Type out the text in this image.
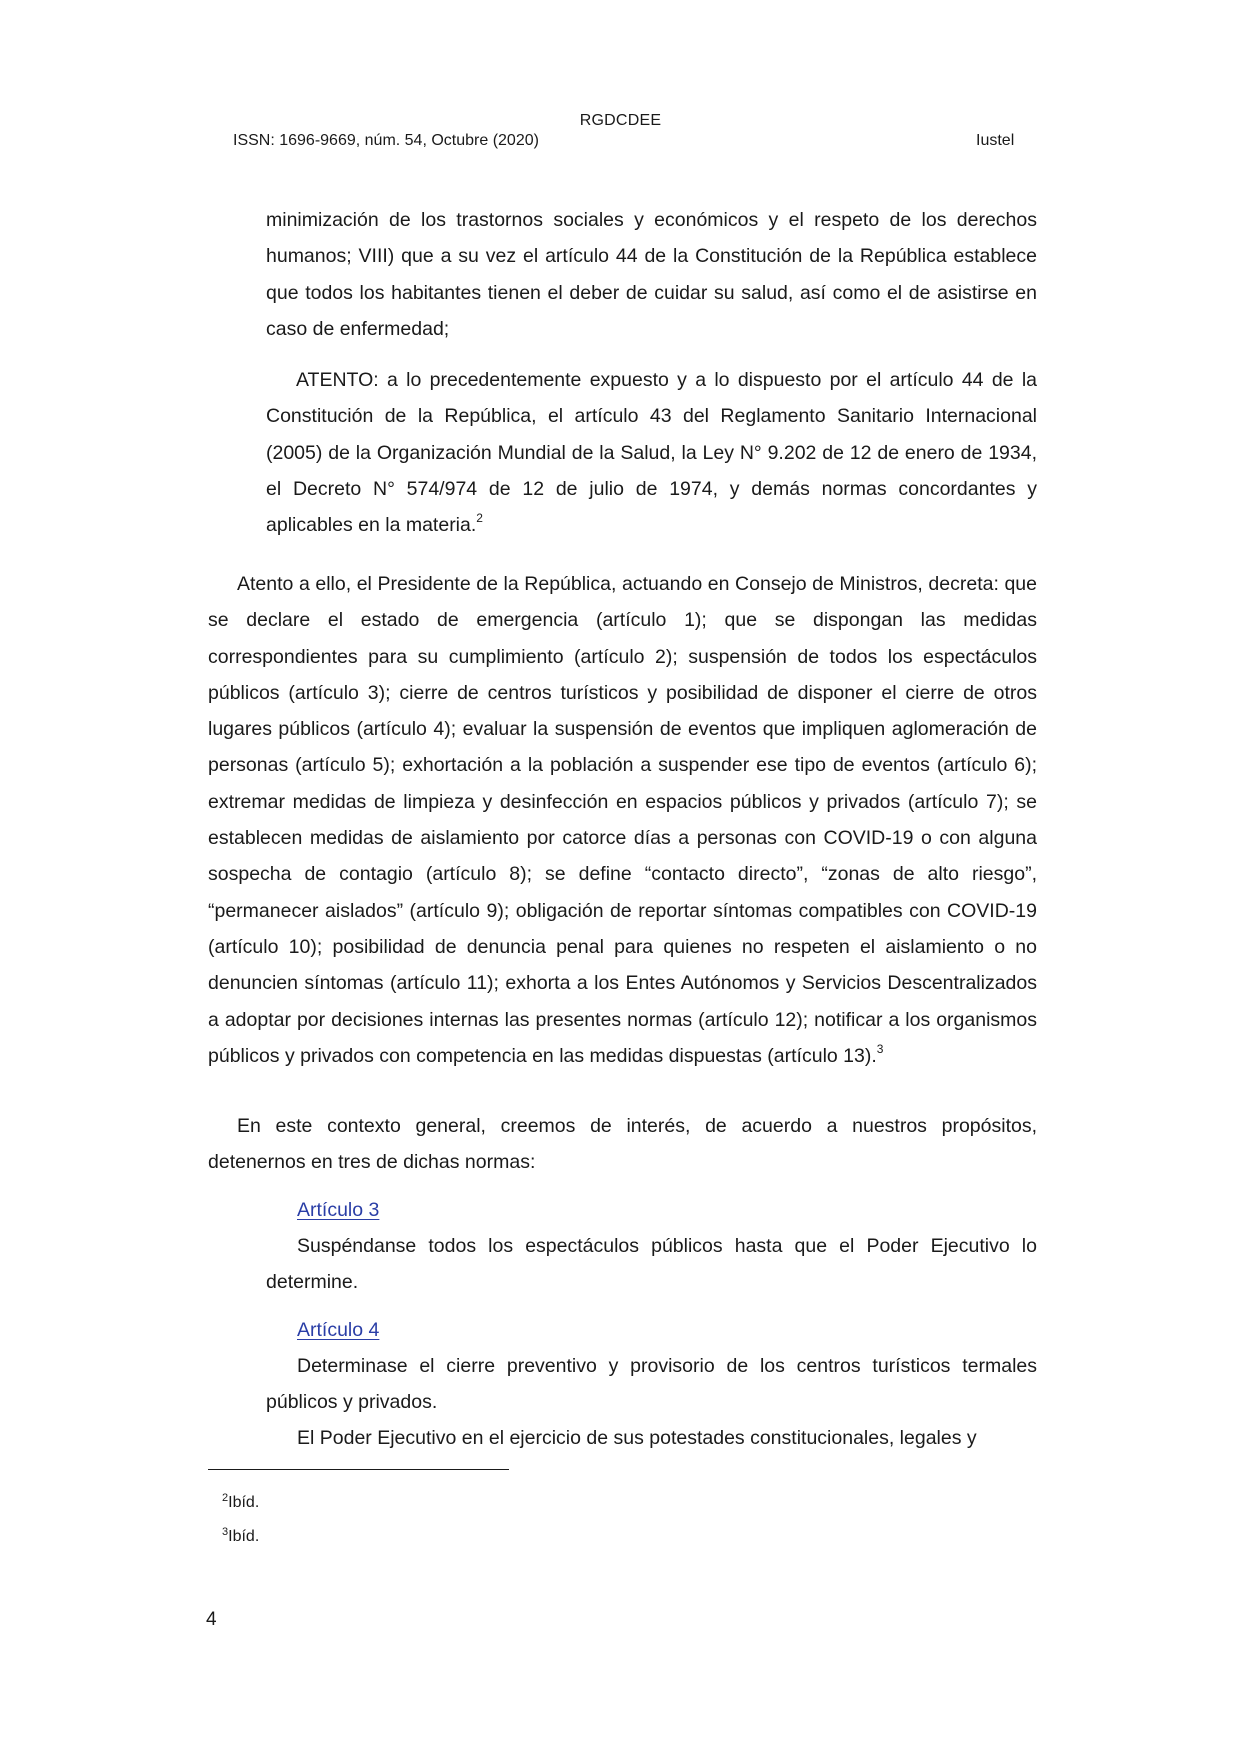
RGDCDEE
ISSN: 1696-9669, núm. 54, Octubre (2020)	Iustel
minimización de los trastornos sociales y económicos y el respeto de los derechos humanos; VIII) que a su vez el artículo 44 de la Constitución de la República establece que todos los habitantes tienen el deber de cuidar su salud, así como el de asistirse en caso de enfermedad;
ATENTO: a lo precedentemente expuesto y a lo dispuesto por el artículo 44 de la Constitución de la República, el artículo 43 del Reglamento Sanitario Internacional (2005) de la Organización Mundial de la Salud, la Ley N° 9.202 de 12 de enero de 1934, el Decreto N° 574/974 de 12 de julio de 1974, y demás normas concordantes y aplicables en la materia.$^2$
Atento a ello, el Presidente de la República, actuando en Consejo de Ministros, decreta: que se declare el estado de emergencia (artículo 1); que se dispongan las medidas correspondientes para su cumplimiento (artículo 2); suspensión de todos los espectáculos públicos (artículo 3); cierre de centros turísticos y posibilidad de disponer el cierre de otros lugares públicos (artículo 4); evaluar la suspensión de eventos que impliquen aglomeración de personas (artículo 5); exhortación a la población a suspender ese tipo de eventos (artículo 6); extremar medidas de limpieza y desinfección en espacios públicos y privados (artículo 7); se establecen medidas de aislamiento por catorce días a personas con COVID-19 o con alguna sospecha de contagio (artículo 8); se define “contacto directo”, “zonas de alto riesgo”, “permanecer aislados” (artículo 9); obligación de reportar síntomas compatibles con COVID-19 (artículo 10); posibilidad de denuncia penal para quienes no respeten el aislamiento o no denuncien síntomas (artículo 11); exhorta a los Entes Autónomos y Servicios Descentralizados a adoptar por decisiones internas las presentes normas (artículo 12); notificar a los organismos públicos y privados con competencia en las medidas dispuestas (artículo 13).$^3$
En este contexto general, creemos de interés, de acuerdo a nuestros propósitos, detenernos en tres de dichas normas:
Artículo 3
Suspéndanse todos los espectáculos públicos hasta que el Poder Ejecutivo lo determine.
Artículo 4
Determinase el cierre preventivo y provisorio de los centros turísticos termales públicos y privados.
El Poder Ejecutivo en el ejercicio de sus potestades constitucionales, legales y
$^2$Ibíd.
$^3$Ibíd.
4
